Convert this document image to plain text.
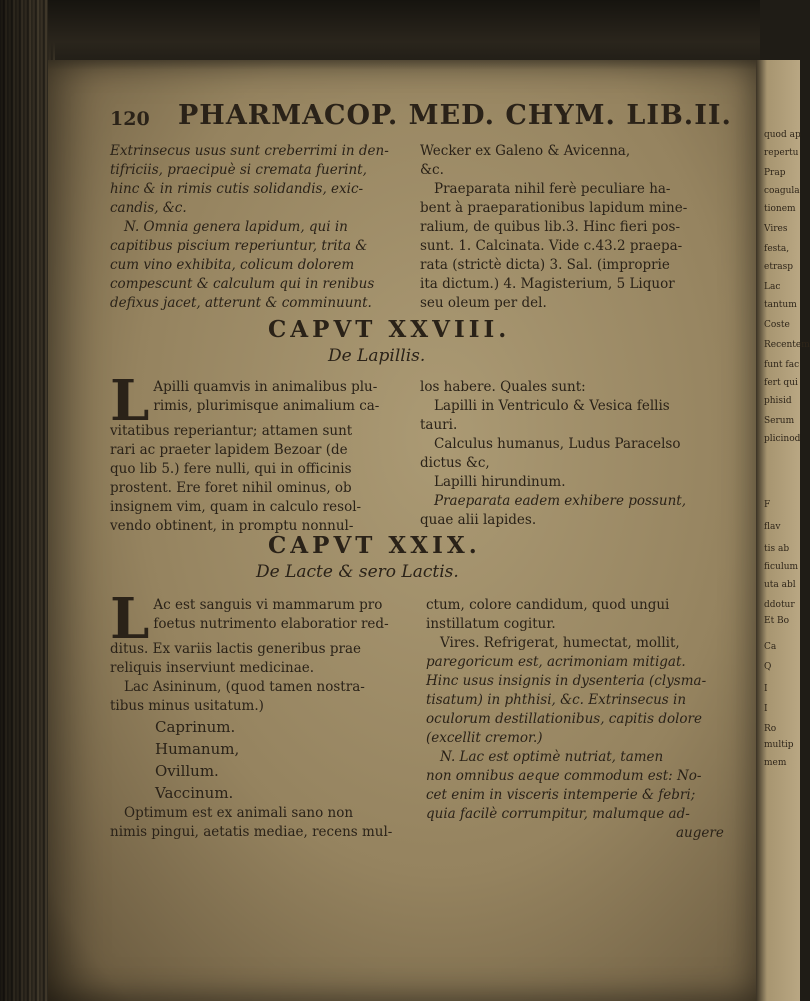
quod ap
repertu
Prap
coagula
tionem
Vires
festa,
etrasp
Lac
tantum
Coste
Recentem
funt fac
fert qui
phisid
Serum
plicinod
F
flav
tis ab
ficulum
uta abl
ddotur
Et Bo
Ca
Q
I
I
Ro
multip
mem
120 PHARMACOP. MED. CHYM. LIB.II.

Extrinsecus usus sunt creberrimi in den-

tifriciis, praecipuè si cremata fuerint,

hinc & in rimis cutis solidandis, exic-

candis, &c.

N. Omnia genera lapidum, qui in

capitibus piscium reperiuntur, trita &

cum vino exhibita, colicum dolorem

compescunt & calculum qui in renibus

defixus jacet, atterunt & comminuunt.

Wecker ex Galeno & Avicenna,

&c.

Praeparata nihil ferè peculiare ha-

bent à praeparationibus lapidum mine-

ralium, de quibus lib.3. Hinc fieri pos-

sunt. 1. Calcinata. Vide c.43.2 praepa-

rata (strictè dicta) 3. Sal. (improprie

ita dictum.) 4. Magisterium, 5 Liquor

seu oleum per del.

CAPVT XXVIII.
De Lapillis.
L Apilli quamvis in animalibus plu-

rimis, plurimisque animalium ca-

vitatibus reperiantur; attamen sunt

rari ac praeter lapidem Bezoar (de

quo lib 5.) fere nulli, qui in officinis

prostent. Ere foret nihil ominus, ob

insignem vim, quam in calculo resol-

vendo obtinent, in promptu nonnul-

los habere. Quales sunt:

Lapilli in Ventriculo & Vesica fellis

tauri.

Calculus humanus, Ludus Paracelso

dictus &c,

Lapilli hirundinum.

Praeparata eadem exhibere possunt,

quae alii lapides.

CAPVT XXIX.
De Lacte & sero Lactis.
L Ac est sanguis vi mammarum pro

foetus nutrimento elaboratior red-

ditus. Ex variis lactis generibus prae

reliquis inserviunt medicinae.

Lac Asininum, (quod tamen nostra-

tibus minus usitatum.)

Caprinum.

Humanum,

Ovillum.

Vaccinum.

Optimum est ex animali sano non

nimis pingui, aetatis mediae, recens mul-

ctum, colore candidum, quod ungui

instillatum cogitur.

Vires. Refrigerat, humectat, mollit,

paregoricum est, acrimoniam mitigat.

Hinc usus insignis in dysenteria (clysma-

tisatum) in phthisi, &c. Extrinsecus in

oculorum destillationibus, capitis dolore

(excellit cremor.)

N. Lac est optimè nutriat, tamen

non omnibus aeque commodum est: No-

cet enim in visceris intemperie & febri;

quia facilè corrumpitur, malumque ad-

augere
